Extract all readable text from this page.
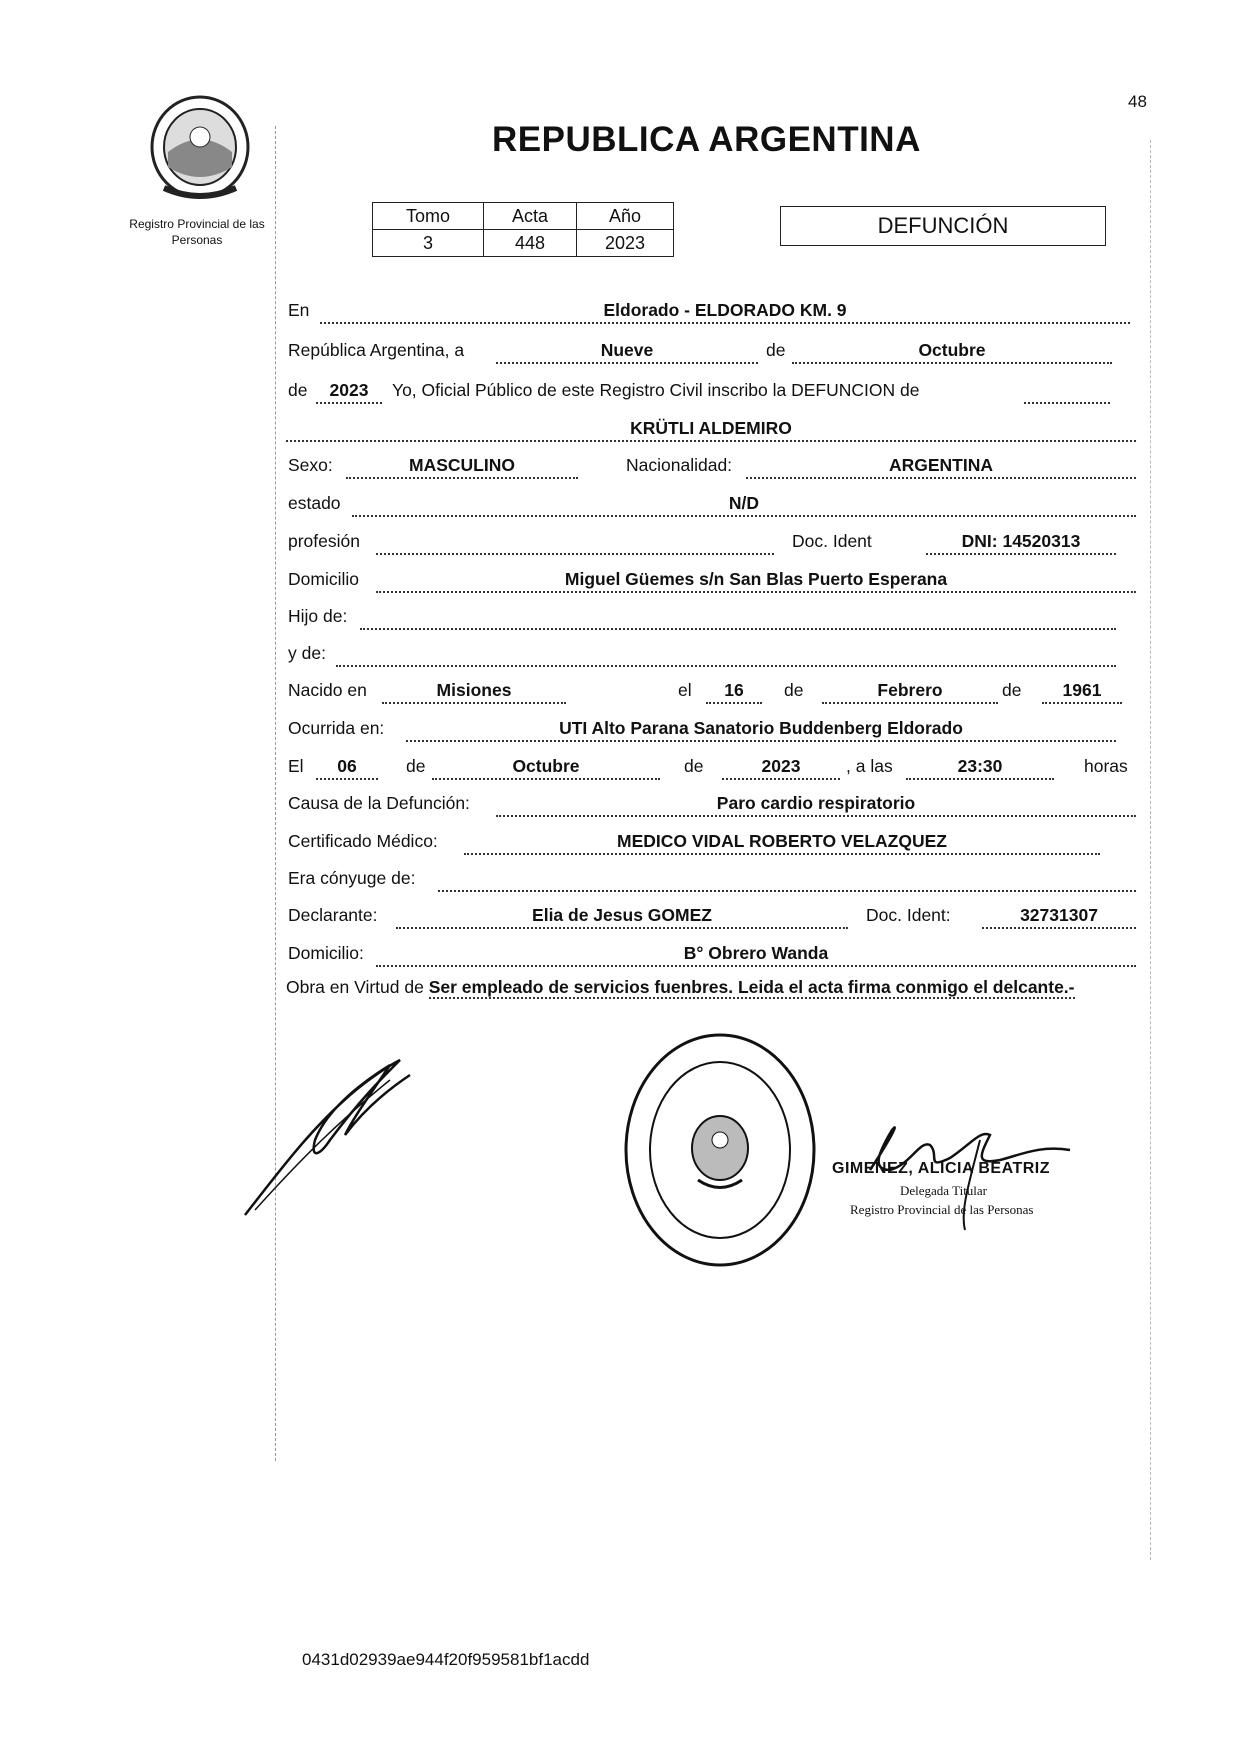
48
Registro Provincial de las Personas
REPUBLICA ARGENTINA
Tomo	Acta	Año
3	448	2023
DEFUNCIÓN
En	Eldorado - ELDORADO KM. 9
República Argentina, a	Nueve	de	Octubre
de	2023	Yo, Oficial Público de este Registro Civil inscribo la DEFUNCION de
KRÜTLI ALDEMIRO
Sexo:	MASCULINO	Nacionalidad:	ARGENTINA
estado	N/D
profesión	Doc. Ident	DNI: 14520313
Domicilio	Miguel Güemes s/n San Blas Puerto Esperana
Hijo de:
y de:
Nacido en	Misiones	el	16	de	Febrero	de	1961
Ocurrida en:	UTI Alto Parana Sanatorio Buddenberg Eldorado
El	06	de	Octubre	de	2023	, a las	23:30	horas
Causa de la Defunción:	Paro cardio respiratorio
Certificado Médico:	MEDICO VIDAL ROBERTO VELAZQUEZ
Era cónyuge de:
Declarante:	Elia de Jesus GOMEZ	Doc. Ident:	32731307
Domicilio:	B° Obrero Wanda
Obra en Virtud de Ser empleado de servicios fuenbres. Leida el acta firma conmigo el delcante.-
GIMENEZ, ALICIA BEATRIZ
Delegada Titular
Registro Provincial de las Personas
0431d02939ae944f20f959581bf1acdd
